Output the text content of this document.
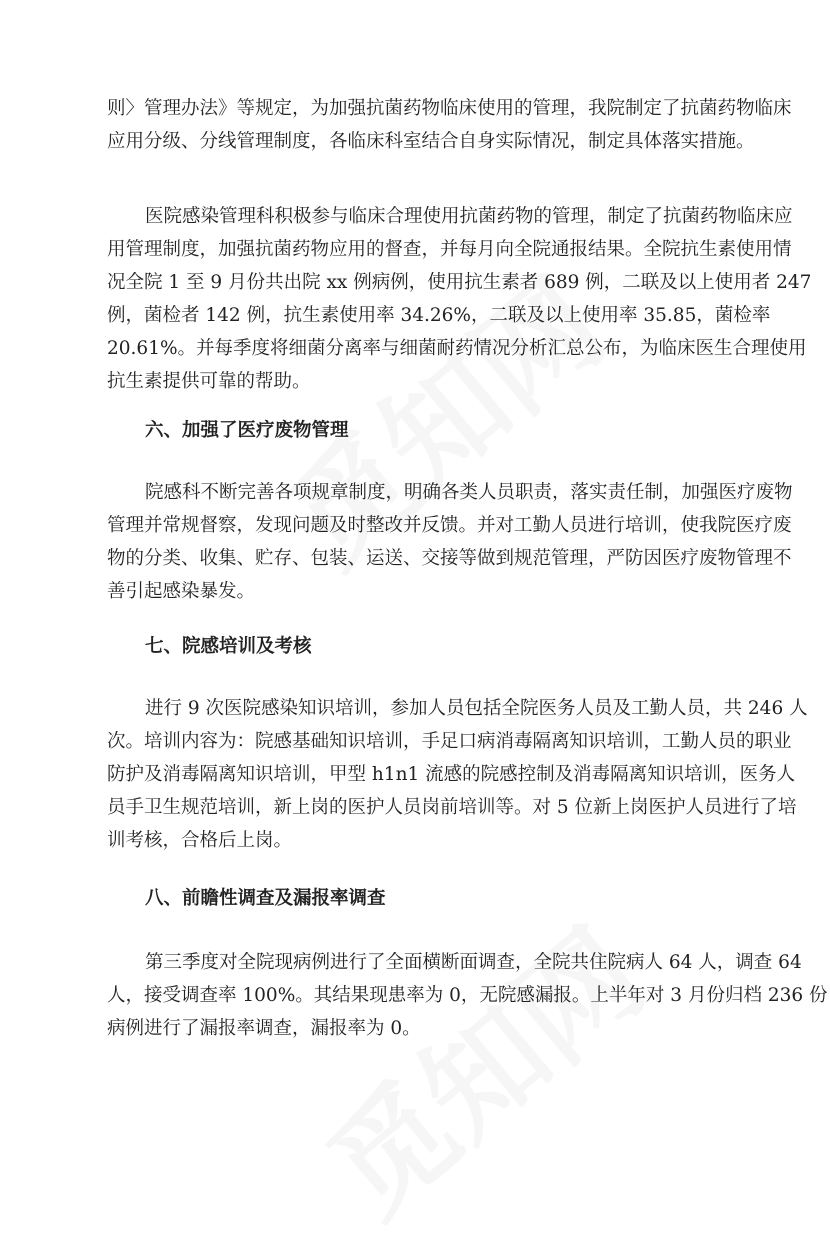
则〉管理办法》等规定，为加强抗菌药物临床使用的管理，我院制定了抗菌药物临床
应用分级、分线管理制度，各临床科室结合自身实际情况，制定具体落实措施。
医院感染管理科积极参与临床合理使用抗菌药物的管理，制定了抗菌药物临床应
用管理制度，加强抗菌药物应用的督查，并每月向全院通报结果。全院抗生素使用情
况全院 1 至 9 月份共出院 xx 例病例，使用抗生素者 689 例，二联及以上使用者 247
例，菌检者 142 例，抗生素使用率 34.26%，二联及以上使用率 35.85，菌检率
20.61%。并每季度将细菌分离率与细菌耐药情况分析汇总公布，为临床医生合理使用
抗生素提供可靠的帮助。
六、加强了医疗废物管理
院感科不断完善各项规章制度，明确各类人员职责，落实责任制，加强医疗废物
管理并常规督察，发现问题及时整改并反馈。并对工勤人员进行培训，使我院医疗废
物的分类、收集、贮存、包装、运送、交接等做到规范管理，严防因医疗废物管理不
善引起感染暴发。
七、院感培训及考核
进行 9 次医院感染知识培训，参加人员包括全院医务人员及工勤人员，共 246 人
次。培训内容为：院感基础知识培训，手足口病消毒隔离知识培训，工勤人员的职业
防护及消毒隔离知识培训，甲型 h1n1 流感的院感控制及消毒隔离知识培训，医务人
员手卫生规范培训，新上岗的医护人员岗前培训等。对 5 位新上岗医护人员进行了培
训考核，合格后上岗。
八、前瞻性调查及漏报率调查
第三季度对全院现病例进行了全面横断面调查，全院共住院病人 64 人，调查 64
人，接受调查率 100%。其结果现患率为 0，无院感漏报。上半年对 3 月份归档 236 份
病例进行了漏报率调查，漏报率为 0。
